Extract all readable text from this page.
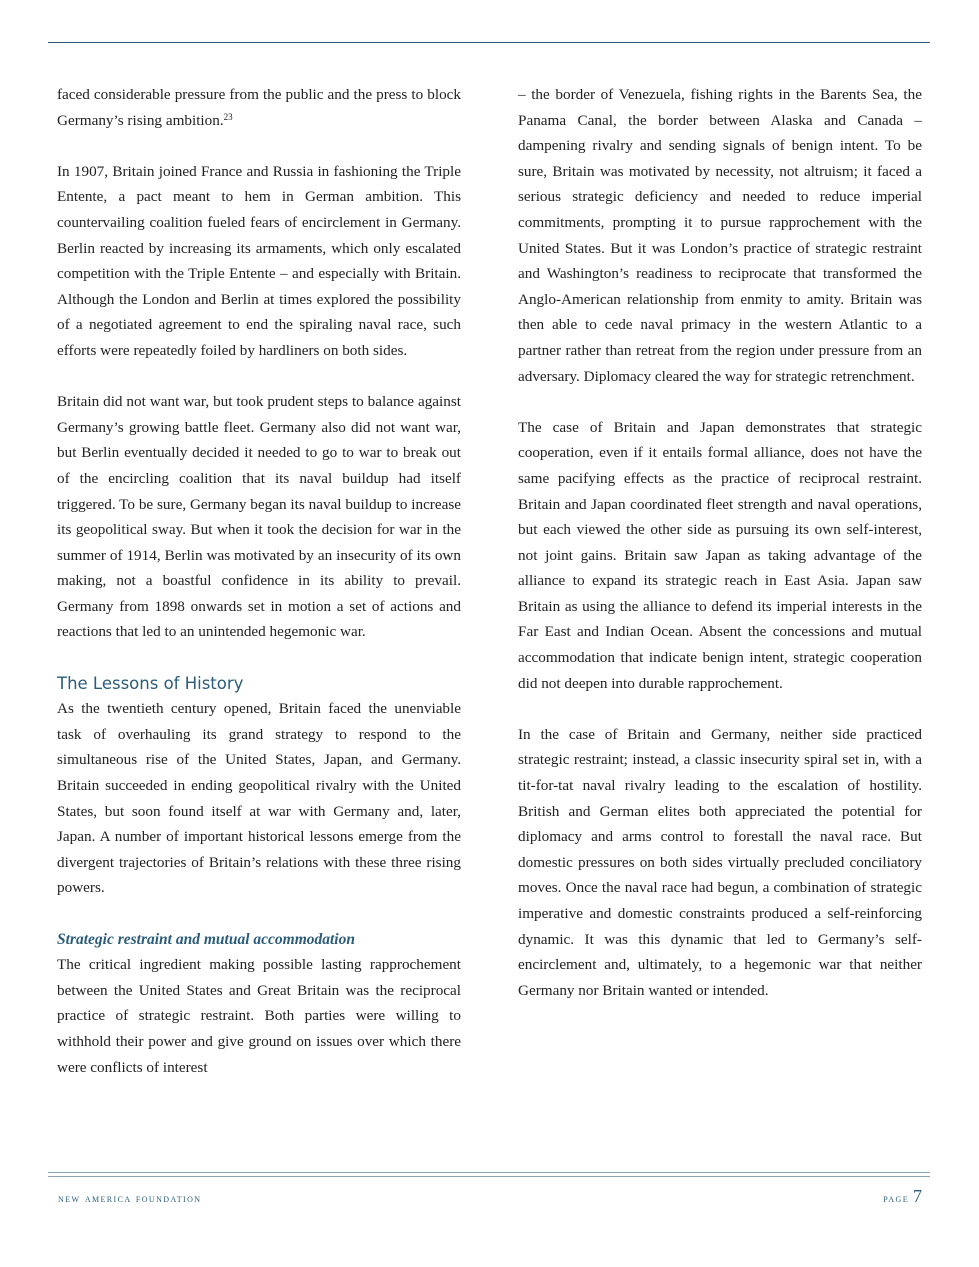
faced considerable pressure from the public and the press to block Germany’s rising ambition.$^{23}$

In 1907, Britain joined France and Russia in fashioning the Triple Entente, a pact meant to hem in German ambition. This countervailing coalition fueled fears of encirclement in Germany. Berlin reacted by increasing its armaments, which only escalated competition with the Triple Entente – and especially with Britain. Although the London and Berlin at times explored the possibility of a negotiated agreement to end the spiraling naval race, such efforts were repeatedly foiled by hardliners on both sides.

Britain did not want war, but took prudent steps to balance against Germany’s growing battle fleet. Germany also did not want war, but Berlin eventually decided it needed to go to war to break out of the encircling coalition that its naval buildup had itself triggered. To be sure, Germany began its naval buildup to increase its geopolitical sway. But when it took the decision for war in the summer of 1914, Berlin was motivated by an insecurity of its own making, not a boastful confidence in its ability to prevail. Germany from 1898 onwards set in motion a set of actions and reactions that led to an unintended hegemonic war.

The Lessons of History

As the twentieth century opened, Britain faced the unenviable task of overhauling its grand strategy to respond to the simultaneous rise of the United States, Japan, and Germany. Britain succeeded in ending geopolitical rivalry with the United States, but soon found itself at war with Germany and, later, Japan. A number of important historical lessons emerge from the divergent trajectories of Britain’s relations with these three rising powers.

Strategic restraint and mutual accommodation

The critical ingredient making possible lasting rapprochement between the United States and Great Britain was the reciprocal practice of strategic restraint. Both parties were willing to withhold their power and give ground on issues over which there were conflicts of interest

– the border of Venezuela, fishing rights in the Barents Sea, the Panama Canal, the border between Alaska and Canada – dampening rivalry and sending signals of benign intent. To be sure, Britain was motivated by necessity, not altruism; it faced a serious strategic deficiency and needed to reduce imperial commitments, prompting it to pursue rapprochement with the United States. But it was London’s practice of strategic restraint and Washington’s readiness to reciprocate that transformed the Anglo-American relationship from enmity to amity. Britain was then able to cede naval primacy in the western Atlantic to a partner rather than retreat from the region under pressure from an adversary. Diplomacy cleared the way for strategic retrenchment.

The case of Britain and Japan demonstrates that strategic cooperation, even if it entails formal alliance, does not have the same pacifying effects as the practice of reciprocal restraint. Britain and Japan coordinated fleet strength and naval operations, but each viewed the other side as pursuing its own self-interest, not joint gains. Britain saw Japan as taking advantage of the alliance to expand its strategic reach in East Asia. Japan saw Britain as using the alliance to defend its imperial interests in the Far East and Indian Ocean. Absent the concessions and mutual accommodation that indicate benign intent, strategic cooperation did not deepen into durable rapprochement.

In the case of Britain and Germany, neither side practiced strategic restraint; instead, a classic insecurity spiral set in, with a tit-for-tat naval rivalry leading to the escalation of hostility. British and German elites both appreciated the potential for diplomacy and arms control to forestall the naval race. But domestic pressures on both sides virtually precluded conciliatory moves. Once the naval race had begun, a combination of strategic imperative and domestic constraints produced a self-reinforcing dynamic. It was this dynamic that led to Germany’s self-encirclement and, ultimately, to a hegemonic war that neither Germany nor Britain wanted or intended.

new america foundation	page 7
